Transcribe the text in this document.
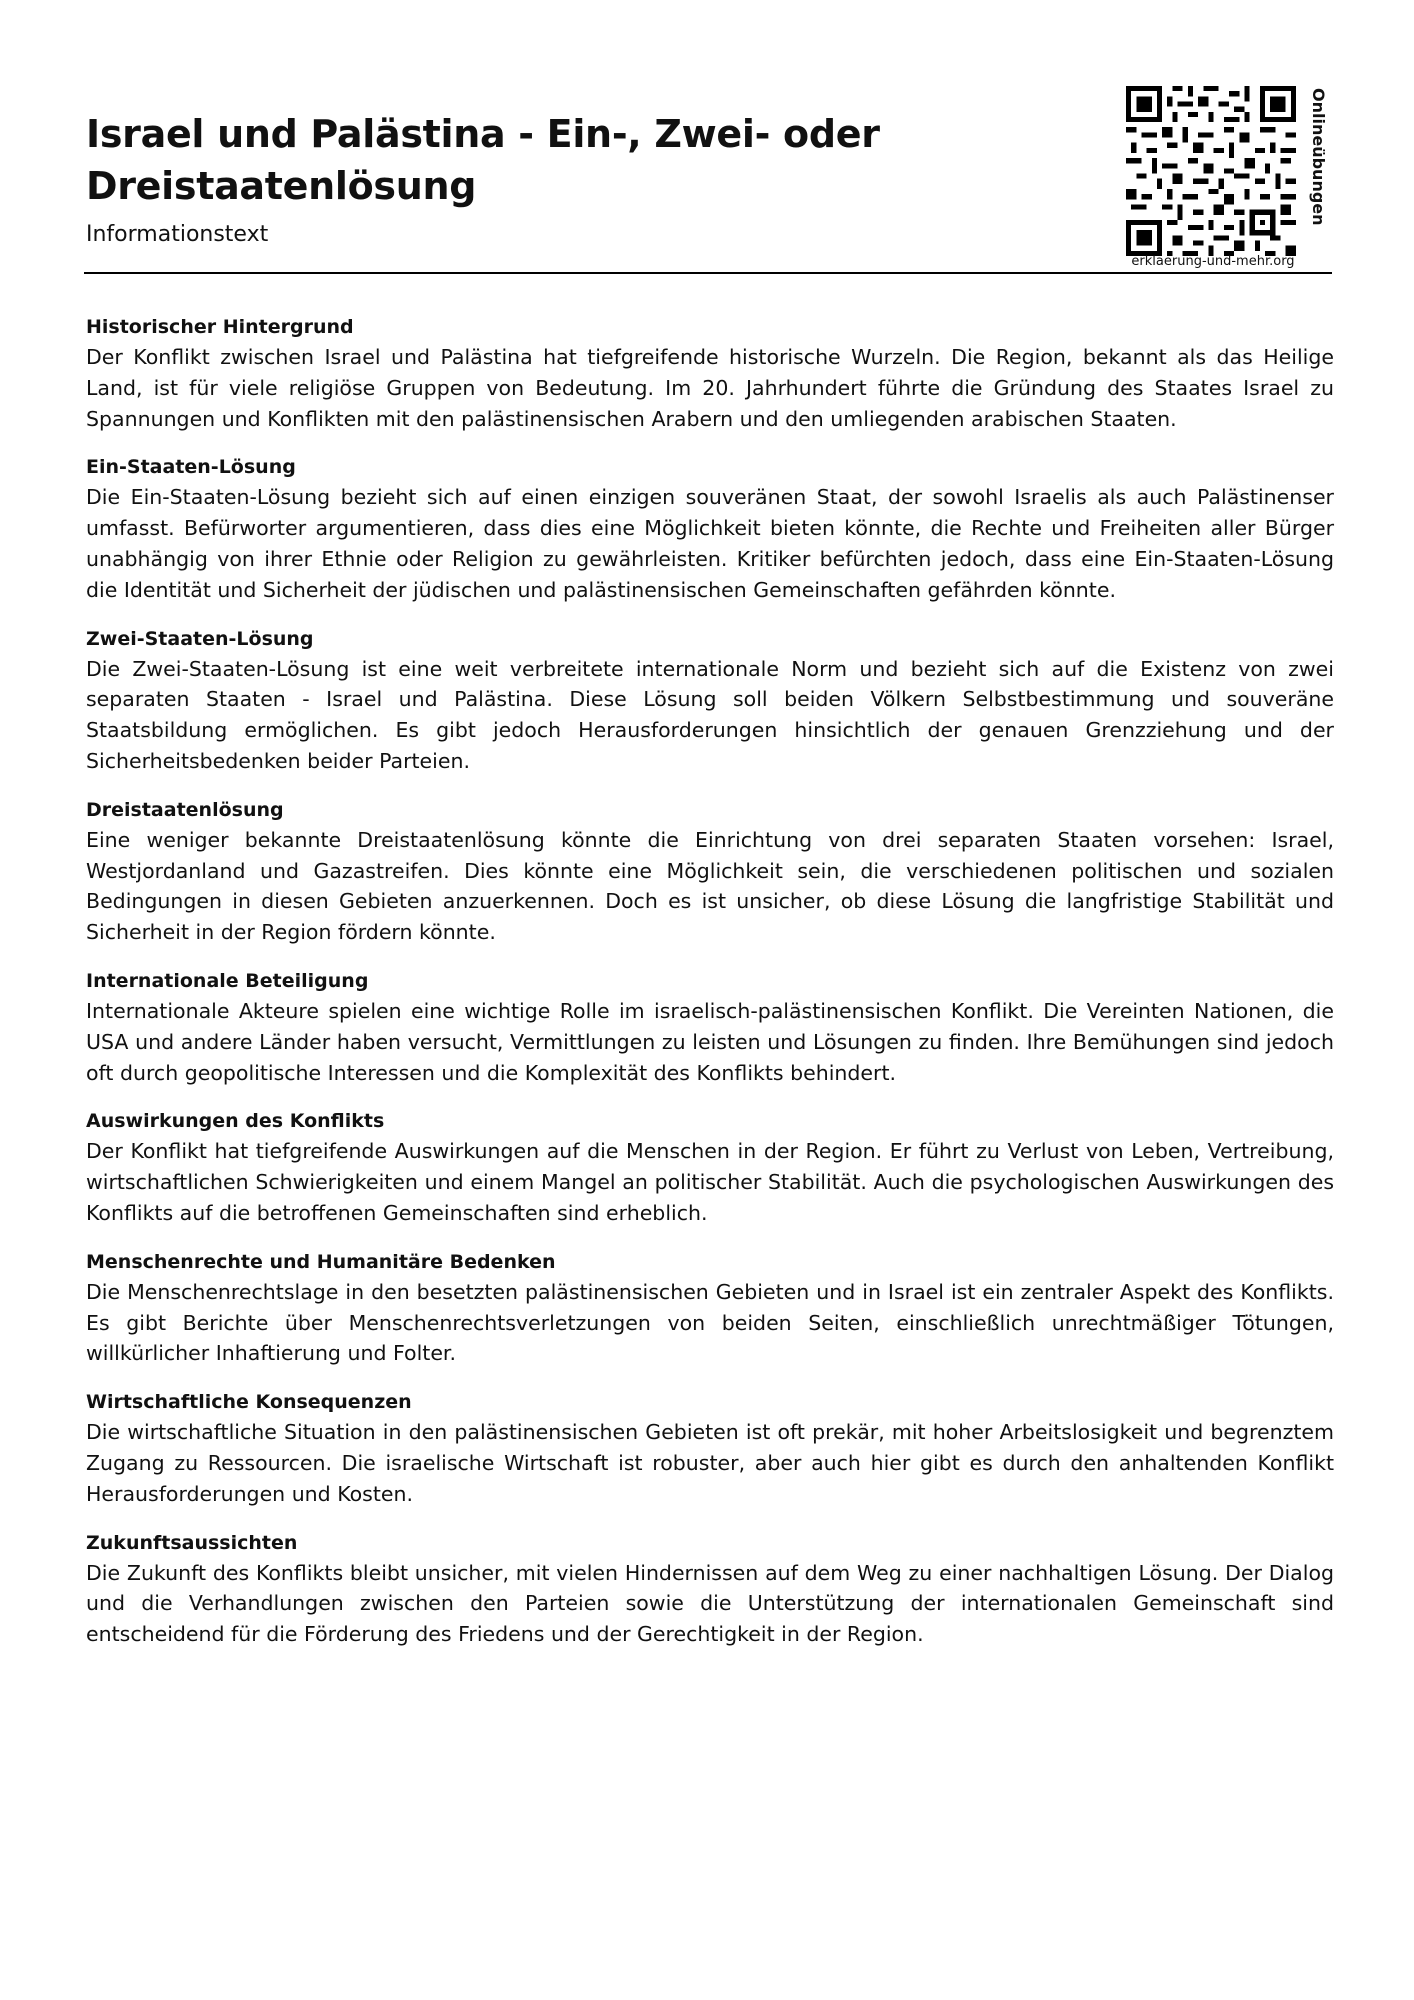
Israel und Palästina - Ein-, Zwei- oder Dreistaatenlösung
Informationstext
erklaerung-und-mehr.org
Onlineübungen
Historischer Hintergrund

Der Konflikt zwischen Israel und Palästina hat tiefgreifende historische Wurzeln. Die Region, bekannt als das Heilige Land, ist für viele religiöse Gruppen von Bedeutung. Im 20. Jahrhundert führte die Gründung des Staates Israel zu Spannungen und Konflikten mit den palästinensischen Arabern und den umliegenden arabischen Staaten.

Ein-Staaten-Lösung

Die Ein-Staaten-Lösung bezieht sich auf einen einzigen souveränen Staat, der sowohl Israelis als auch Palästinenser umfasst. Befürworter argumentieren, dass dies eine Möglichkeit bieten könnte, die Rechte und Freiheiten aller Bürger unabhängig von ihrer Ethnie oder Religion zu gewährleisten. Kritiker befürchten jedoch, dass eine Ein-Staaten-Lösung die Identität und Sicherheit der jüdischen und palästinensischen Gemeinschaften gefährden könnte.

Zwei-Staaten-Lösung

Die Zwei-Staaten-Lösung ist eine weit verbreitete internationale Norm und bezieht sich auf die Existenz von zwei separaten Staaten - Israel und Palästina. Diese Lösung soll beiden Völkern Selbstbestimmung und souveräne Staatsbildung ermöglichen. Es gibt jedoch Herausforderungen hinsichtlich der genauen Grenzziehung und der Sicherheitsbedenken beider Parteien.

Dreistaatenlösung

Eine weniger bekannte Dreistaatenlösung könnte die Einrichtung von drei separaten Staaten vorsehen: Israel, Westjordanland und Gazastreifen. Dies könnte eine Möglichkeit sein, die verschiedenen politischen und sozialen Bedingungen in diesen Gebieten anzuerkennen. Doch es ist unsicher, ob diese Lösung die langfristige Stabilität und Sicherheit in der Region fördern könnte.

Internationale Beteiligung

Internationale Akteure spielen eine wichtige Rolle im israelisch-palästinensischen Konflikt. Die Vereinten Nationen, die USA und andere Länder haben versucht, Vermittlungen zu leisten und Lösungen zu finden. Ihre Bemühungen sind jedoch oft durch geopolitische Interessen und die Komplexität des Konflikts behindert.

Auswirkungen des Konflikts

Der Konflikt hat tiefgreifende Auswirkungen auf die Menschen in der Region. Er führt zu Verlust von Leben, Vertreibung, wirtschaftlichen Schwierigkeiten und einem Mangel an politischer Stabilität. Auch die psychologischen Auswirkungen des Konflikts auf die betroffenen Gemeinschaften sind erheblich.

Menschenrechte und Humanitäre Bedenken

Die Menschenrechtslage in den besetzten palästinensischen Gebieten und in Israel ist ein zentraler Aspekt des Konflikts. Es gibt Berichte über Menschenrechtsverletzungen von beiden Seiten, einschließlich unrechtmäßiger Tötungen, willkürlicher Inhaftierung und Folter.

Wirtschaftliche Konsequenzen

Die wirtschaftliche Situation in den palästinensischen Gebieten ist oft prekär, mit hoher Arbeitslosigkeit und begrenztem Zugang zu Ressourcen. Die israelische Wirtschaft ist robuster, aber auch hier gibt es durch den anhaltenden Konflikt Herausforderungen und Kosten.

Zukunftsaussichten

Die Zukunft des Konflikts bleibt unsicher, mit vielen Hindernissen auf dem Weg zu einer nachhaltigen Lösung. Der Dialog und die Verhandlungen zwischen den Parteien sowie die Unterstützung der internationalen Gemeinschaft sind entscheidend für die Förderung des Friedens und der Gerechtigkeit in der Region.
